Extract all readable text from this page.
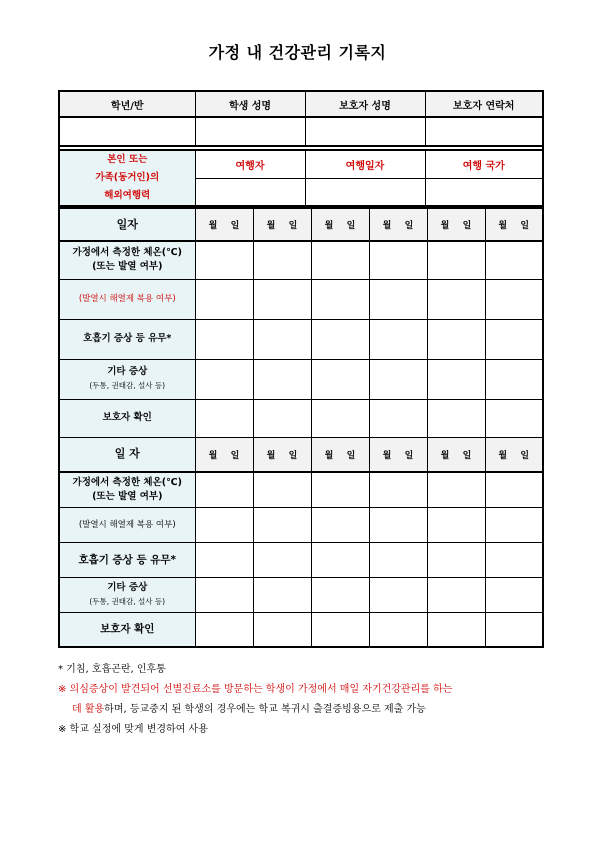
가정 내 건강관리 기록지
학년/반	학생 성명	보호자 성명	보호자 연락처

본인 또는
가족(동거인)의
해외여행력	여행자	여행일자	여행 국가

일자	월 일	월 일	월 일	월 일	월 일	월 일

가정에서 측정한 체온(℃)
(또는 발열 여부)						

(발열시 해열제 복용 여부)						

호흡기 증상 등 유무*						

기타 증상
(두통, 권태감, 설사 등)						

보호자 확인						

일 자	월 일	월 일	월 일	월 일	월 일	월 일

가정에서 측정한 체온(℃)
(또는 발열 여부)						

(발열시 해열제 복용 여부)						

호흡기 증상 등 유무*						

기타 증상
(두통, 권태감, 설사 등)						

보호자 확인						

* 기침, 호흡곤란, 인후통
※ 의심증상이 발견되어 선별진료소를 방문하는 학생이 가정에서 매일 자기건강관리를 하는
데 활용하며, 등교중지 된 학생의 경우에는 학교 복귀시 출결증빙용으로 제출 가능
※ 학교 실정에 맞게 변경하여 사용
